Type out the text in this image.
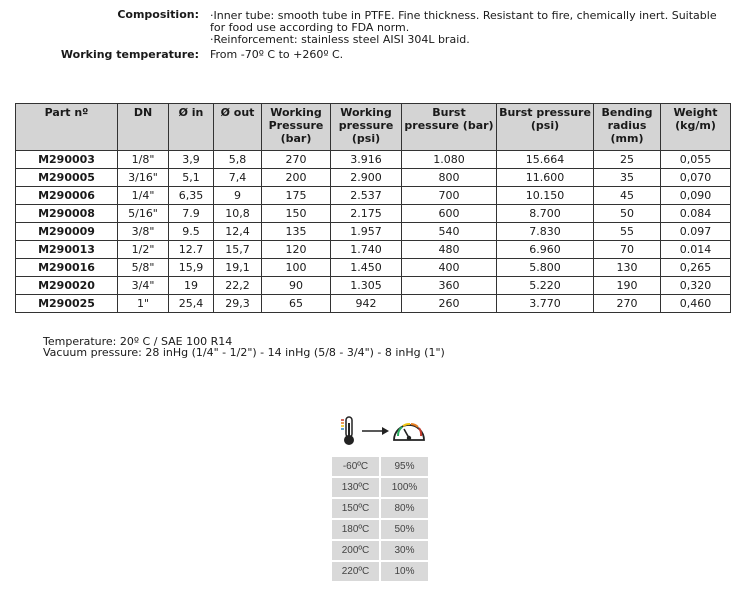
Composition: ·Inner tube: smooth tube in PTFE. Fine thickness. Resistant to fire, chemically inert. Suitable for food use according to FDA norm.
·Reinforcement: stainless steel AISI 304L braid.
Working temperature: From -70º C to +260º C.
Part nº	DN	Ø in	Ø out	Working Pressure (bar)	Working pressure (psi)	Burst pressure (bar)	Burst pressure (psi)	Bending radius (mm)	Weight (kg/m)
M290003	1/8"	3,9	5,8	270	3.916	1.080	15.664	25	0,055
M290005	3/16"	5,1	7,4	200	2.900	800	11.600	35	0,070
M290006	1/4"	6,35	9	175	2.537	700	10.150	45	0,090
M290008	5/16"	7.9	10,8	150	2.175	600	8.700	50	0.084
M290009	3/8"	9.5	12,4	135	1.957	540	7.830	55	0.097
M290013	1/2"	12.7	15,7	120	1.740	480	6.960	70	0.014
M290016	5/8"	15,9	19,1	100	1.450	400	5.800	130	0,265
M290020	3/4"	19	22,2	90	1.305	360	5.220	190	0,320
M290025	1"	25,4	29,3	65	942	260	3.770	270	0,460
Temperature: 20º C / SAE 100 R14
Vacuum pressure: 28 inHg (1/4" - 1/2") - 14 inHg (5/8 - 3/4") - 8 inHg (1")
-60ºC	95%
130ºC	100%
150ºC	80%
180ºC	50%
200ºC	30%
220ºC	10%
